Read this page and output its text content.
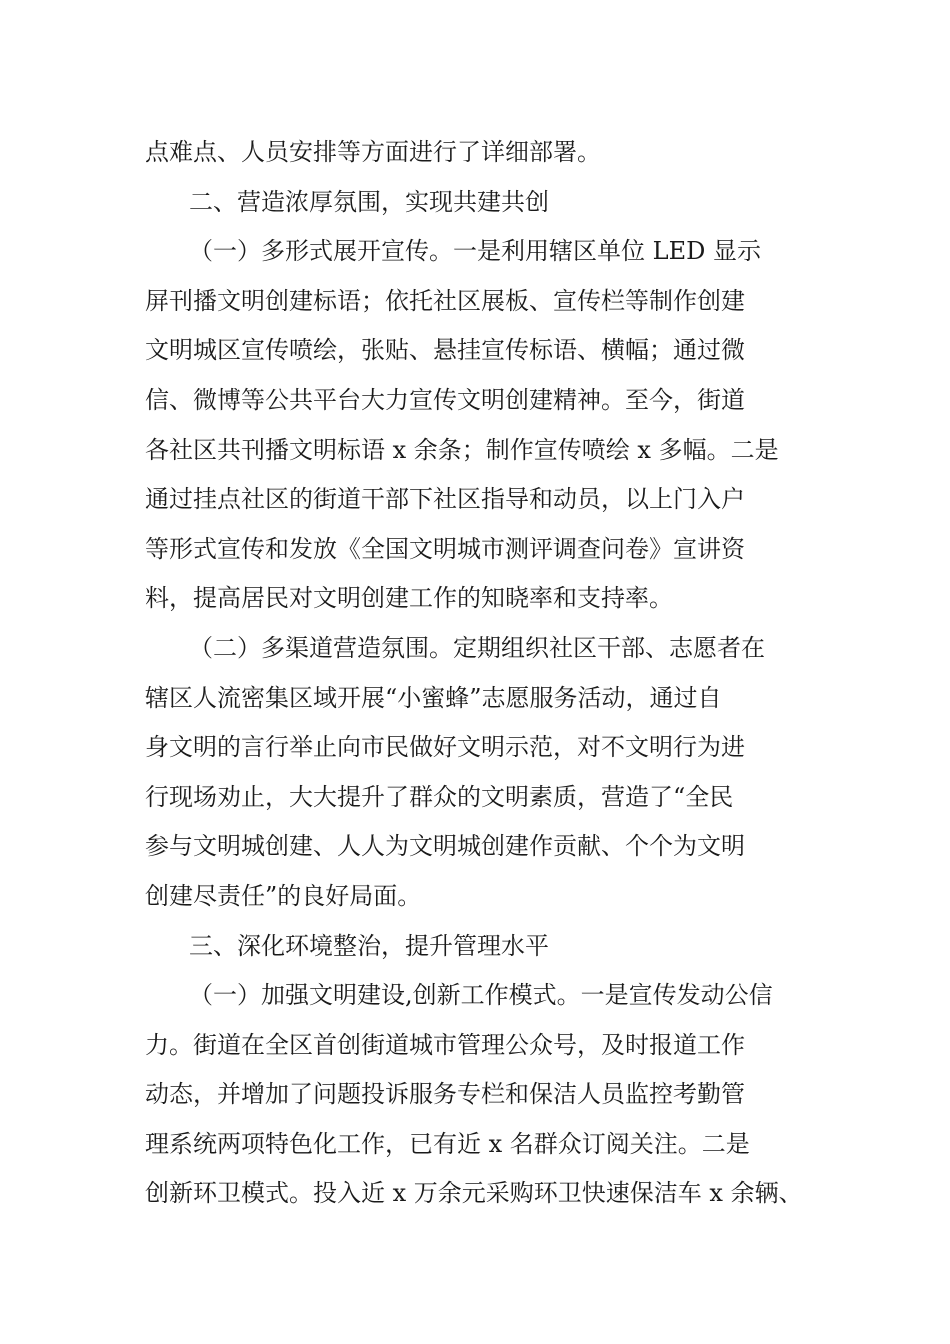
点难点、人员安排等方面进行了详细部署。
二、营造浓厚氛围，实现共建共创
（一）多形式展开宣传。一是利用辖区单位 LED 显示
屏刊播文明创建标语；依托社区展板、宣传栏等制作创建
文明城区宣传喷绘，张贴、悬挂宣传标语、横幅；通过微
信、微博等公共平台大力宣传文明创建精神。至今，街道
各社区共刊播文明标语 x 余条；制作宣传喷绘 x 多幅。二是
通过挂点社区的街道干部下社区指导和动员，以上门入户
等形式宣传和发放《全国文明城市测评调查问卷》宣讲资
料，提高居民对文明创建工作的知晓率和支持率。
（二）多渠道营造氛围。定期组织社区干部、志愿者在
辖区人流密集区域开展“小蜜蜂”志愿服务活动，通过自
身文明的言行举止向市民做好文明示范，对不文明行为进
行现场劝止，大大提升了群众的文明素质，营造了“全民
参与文明城创建、人人为文明城创建作贡献、个个为文明
创建尽责任”的良好局面。
三、深化环境整治，提升管理水平
（一）加强文明建设,创新工作模式。一是宣传发动公信
力。街道在全区首创街道城市管理公众号，及时报道工作
动态，并增加了问题投诉服务专栏和保洁人员监控考勤管
理系统两项特色化工作，已有近 x 名群众订阅关注。二是
创新环卫模式。投入近 x 万余元采购环卫快速保洁车 x 余辆、
